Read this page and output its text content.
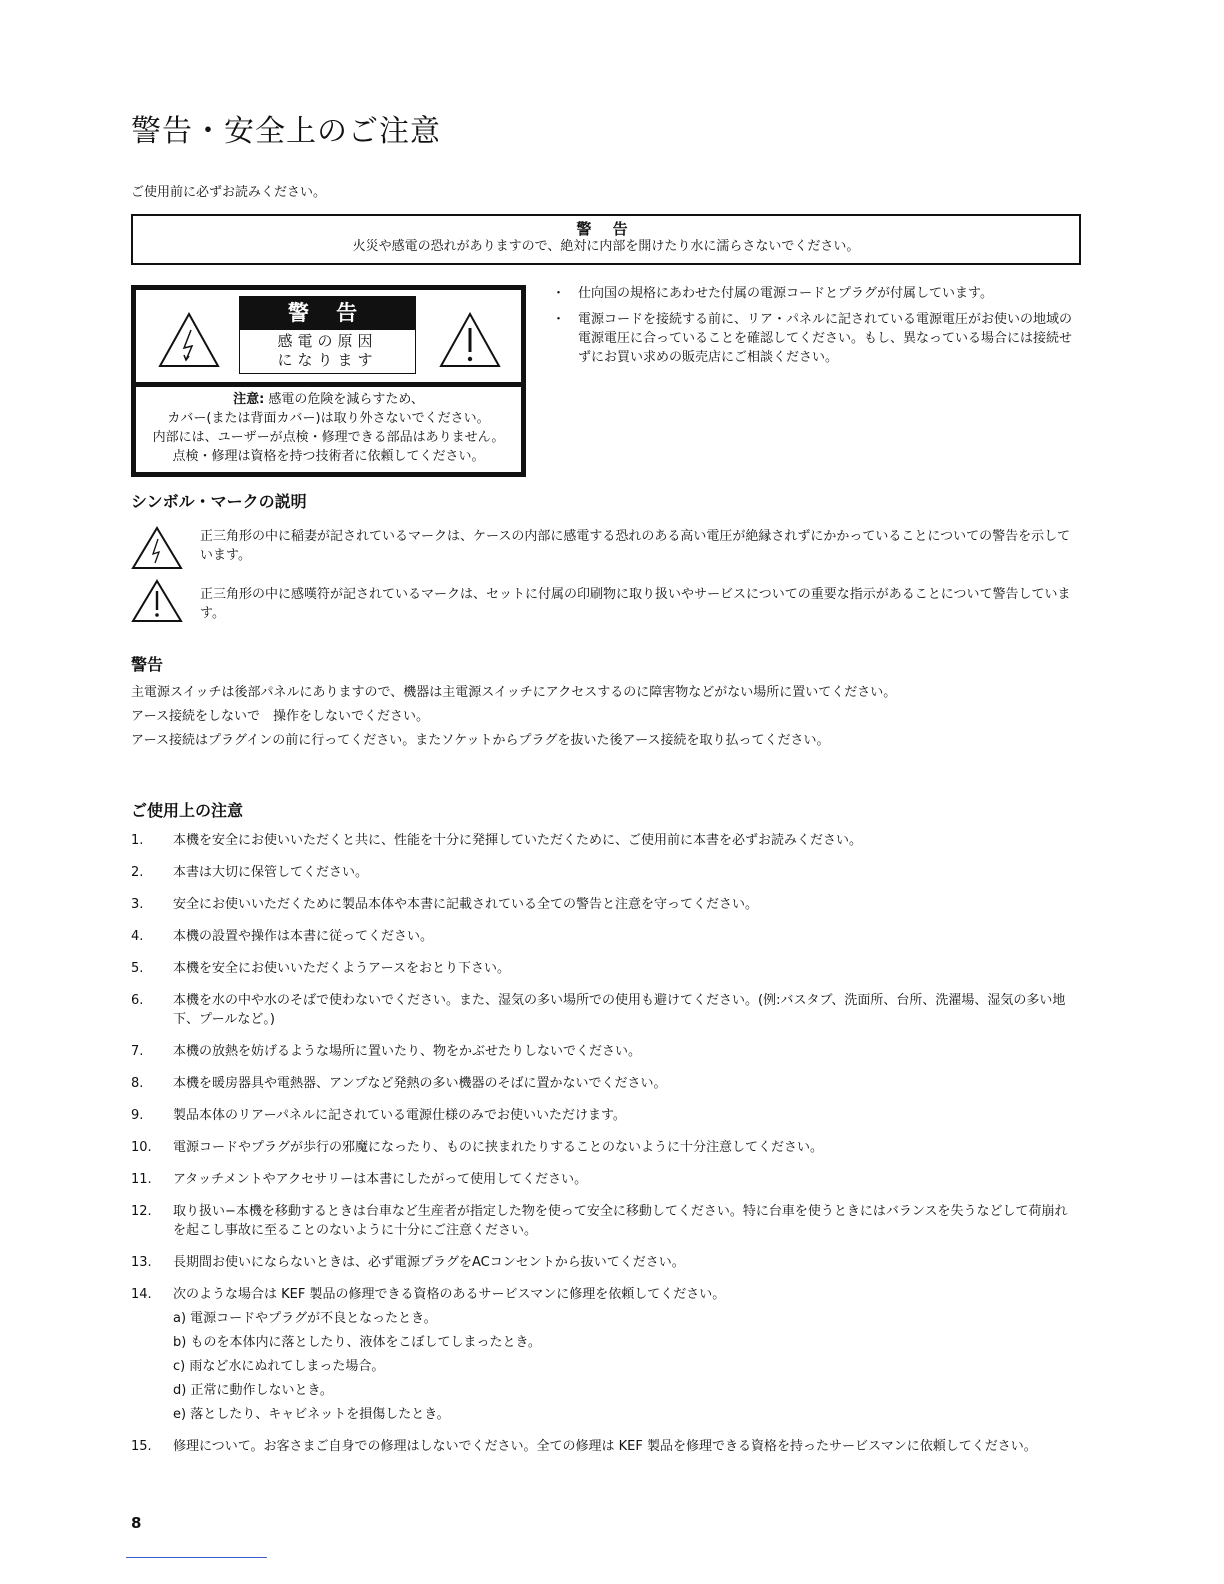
警告・安全上のご注意
ご使用前に必ずお読みください。
警 告
火災や感電の恐れがありますので、絶対に内部を開けたり水に濡らさないでください。
警 告
感電の原因
になります
注意: 感電の危険を減らすため、
カバー(または背面カバー)は取り外さないでください。
内部には、ユーザーが点検・修理できる部品はありません。
点検・修理は資格を持つ技術者に依頼してください。
・ 仕向国の規格にあわせた付属の電源コードとプラグが付属しています。
・ 電源コードを接続する前に、リア・パネルに記されている電源電圧がお使いの地域の電源電圧に合っていることを確認してください。もし、異なっている場合には接続せずにお買い求めの販売店にご相談ください。
シンボル・マークの説明
正三角形の中に稲妻が記されているマークは、ケースの内部に感電する恐れのある高い電圧が絶縁されずにかかっていることについての警告を示しています。
正三角形の中に感嘆符が記されているマークは、セットに付属の印刷物に取り扱いやサービスについての重要な指示があることについて警告しています。
警告
主電源スイッチは後部パネルにありますので、機器は主電源スイッチにアクセスするのに障害物などがない場所に置いてください。
アース接続をしないで　操作をしないでください。
アース接続はプラグインの前に行ってください。またソケットからプラグを抜いた後アース接続を取り払ってください。
ご使用上の注意
1. 本機を安全にお使いいただくと共に、性能を十分に発揮していただくために、ご使用前に本書を必ずお読みください。
2. 本書は大切に保管してください。
3. 安全にお使いいただくために製品本体や本書に記載されている全ての警告と注意を守ってください。
4. 本機の設置や操作は本書に従ってください。
5. 本機を安全にお使いいただくようアースをおとり下さい。
6. 本機を水の中や水のそばで使わないでください。また、湿気の多い場所での使用も避けてください。(例:バスタブ、洗面所、台所、洗濯場、湿気の多い地下、プールなど。)
7. 本機の放熱を妨げるような場所に置いたり、物をかぶせたりしないでください。
8. 本機を暖房器具や電熱器、アンプなど発熱の多い機器のそばに置かないでください。
9. 製品本体のリアーパネルに記されている電源仕様のみでお使いいただけます。
10. 電源コードやプラグが歩行の邪魔になったり、ものに挟まれたりすることのないように十分注意してください。
11. アタッチメントやアクセサリーは本書にしたがって使用してください。
12. 取り扱い−本機を移動するときは台車など生産者が指定した物を使って安全に移動してください。特に台車を使うときにはバランスを失うなどして荷崩れを起こし事故に至ることのないように十分にご注意ください。
13. 長期間お使いにならないときは、必ず電源プラグをACコンセントから抜いてください。
14. 次のような場合は KEF 製品の修理できる資格のあるサービスマンに修理を依頼してください。
a) 電源コードやプラグが不良となったとき。
b) ものを本体内に落としたり、液体をこぼしてしまったとき。
c) 雨など水にぬれてしまった場合。
d) 正常に動作しないとき。
e) 落としたり、キャビネットを損傷したとき。
15. 修理について。お客さまご自身での修理はしないでください。全ての修理は KEF 製品を修理できる資格を持ったサービスマンに依頼してください。
8
